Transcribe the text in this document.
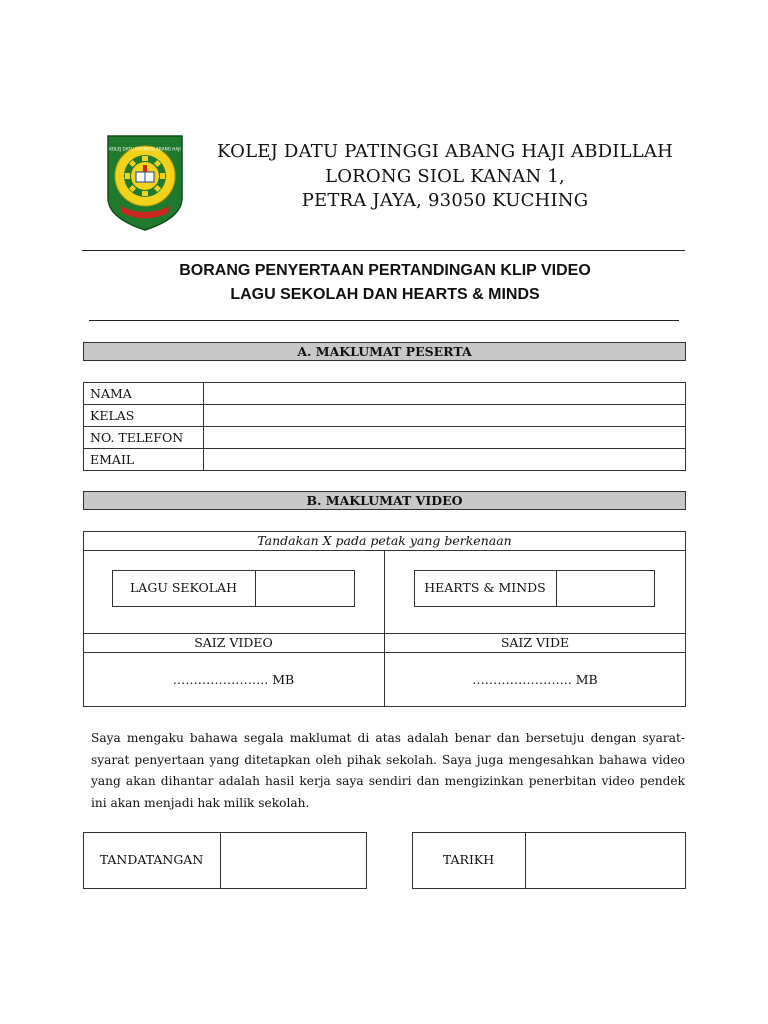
KOLEJ DATU PATINGGI ABANG HAJI	KOLEJ DATU PATINGGI ABANG HAJI ABDILLAH
LORONG SIOL KANAN 1,
PETRA JAYA, 93050 KUCHING
BORANG PENYERTAAN PERTANDINGAN KLIP VIDEO
LAGU SEKOLAH DAN HEARTS & MINDS
A. MAKLUMAT PESERTA
NAMA	
KELAS	
NO. TELEFON	
EMAIL	
B. MAKLUMAT VIDEO
Tandakan X pada petak yang berkenaan
LAGU SEKOLAH	HEARTS & MINDS
SAIZ VIDEO	SAIZ VIDE
………………….. MB	…………………... MB
Saya mengaku bahawa segala maklumat di atas adalah benar dan bersetuju dengan syarat-syarat penyertaan yang ditetapkan oleh pihak sekolah. Saya juga mengesahkan bahawa video yang akan dihantar adalah hasil kerja saya sendiri dan mengizinkan penerbitan video pendek ini akan menjadi hak milik sekolah.
TANDATANGAN	TARIKH
